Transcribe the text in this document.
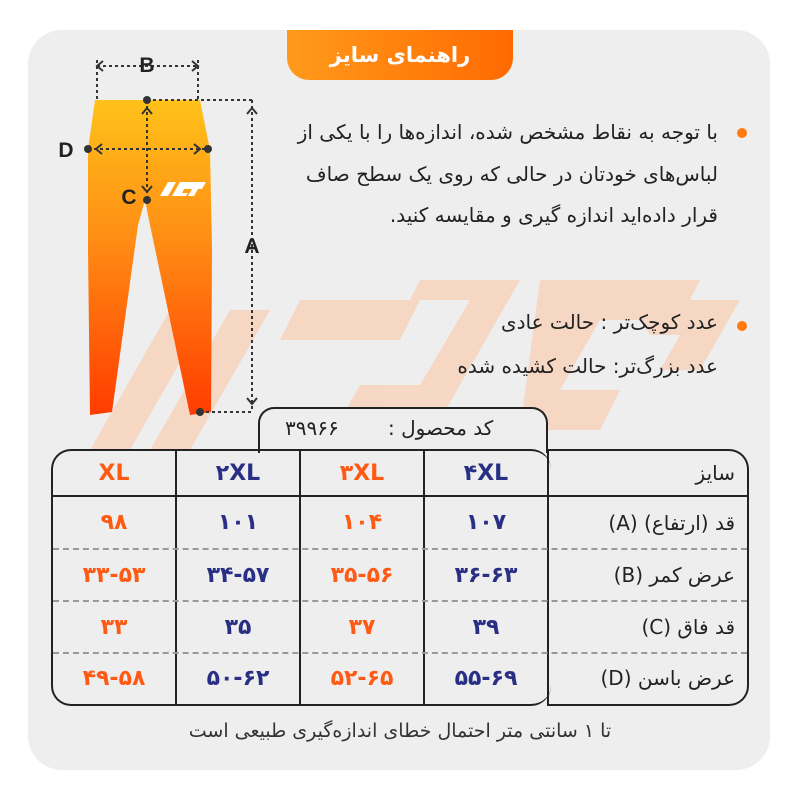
راهنمای سایز
B
D
C
A
با توجه به نقاط مشخص شده، اندازه‌ها را با یکی از لباس‌های خودتان در حالی که روی یک سطح صاف قرار داده‌اید اندازه گیری و مقایسه کنید.
عدد کوچک‌تر : حالت عادی
عدد بزرگ‌تر: حالت کشیده شده
کد محصول :
۳۹۹۶۶
سایز
۴XL
۳XL
۲XL
XL
قد (ارتفاع) (A)
۱۰۷
۱۰۴
۱۰۱
۹۸
عرض کمر (B)
۳۶-۶۳
۳۵-۵۶
۳۴-۵۷
۳۳-۵۳
قد فاق (C)
۳۹
۳۷
۳۵
۳۳
عرض باسن (D)
۵۵-۶۹
۵۲-۶۵
۵۰-۶۲
۴۹-۵۸
تا ۱ سانتی متر احتمال خطای اندازه‌گیری طبیعی است
